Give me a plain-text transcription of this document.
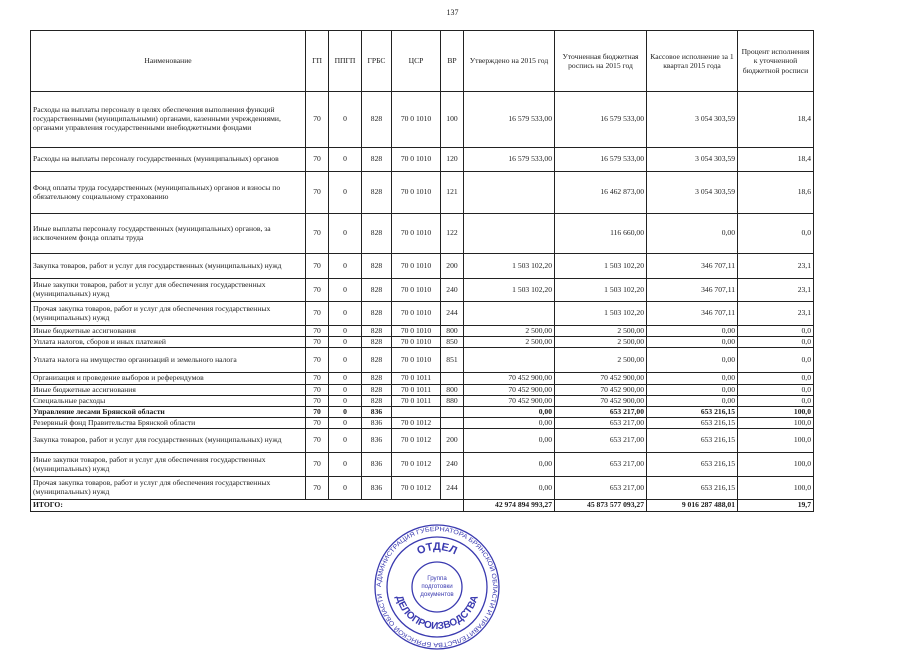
137
Наименование	ГП	ППГП	ГРБС	ЦСР	ВР	Утверждено на 2015 год	Уточненная бюджетная роспись на 2015 год	Кассовое исполнение за 1 квартал 2015 года	Процент исполнения к уточненной бюджетной росписи
Расходы на выплаты персоналу в целях обеспечения выполнения функций государственными (муниципальными) органами, казенными учреждениями, органами управления государственными внебюджетными фондами	70	0	828	70 0 1010	100	16 579 533,00	16 579 533,00	3 054 303,59	18,4
Расходы на выплаты персоналу государственных (муниципальных) органов	70	0	828	70 0 1010	120	16 579 533,00	16 579 533,00	3 054 303,59	18,4
Фонд оплаты труда государственных (муниципальных) органов и взносы по обязательному социальному страхованию	70	0	828	70 0 1010	121		16 462 873,00	3 054 303,59	18,6
Иные выплаты персоналу государственных (муниципальных) органов, за исключением фонда оплаты труда	70	0	828	70 0 1010	122		116 660,00	0,00	0,0
Закупка товаров, работ и услуг для государственных (муниципальных) нужд	70	0	828	70 0 1010	200	1 503 102,20	1 503 102,20	346 707,11	23,1
Иные закупки товаров, работ и услуг для обеспечения государственных (муниципальных) нужд	70	0	828	70 0 1010	240	1 503 102,20	1 503 102,20	346 707,11	23,1
Прочая закупка товаров, работ и услуг для обеспечения государственных (муниципальных) нужд	70	0	828	70 0 1010	244		1 503 102,20	346 707,11	23,1
Иные бюджетные ассигнования	70	0	828	70 0 1010	800	2 500,00	2 500,00	0,00	0,0
Уплата налогов, сборов и иных платежей	70	0	828	70 0 1010	850	2 500,00	2 500,00	0,00	0,0
Уплата налога на имущество организаций и земельного налога	70	0	828	70 0 1010	851		2 500,00	0,00	0,0
Организация и проведение выборов и референдумов	70	0	828	70 0 1011		70 452 900,00	70 452 900,00	0,00	0,0
Иные бюджетные ассигнования	70	0	828	70 0 1011	800	70 452 900,00	70 452 900,00	0,00	0,0
Специальные расходы	70	0	828	70 0 1011	880	70 452 900,00	70 452 900,00	0,00	0,0
Управление лесами Брянской области	70	0	836			0,00	653 217,00	653 216,15	100,0
Резервный фонд Правительства Брянской области	70	0	836	70 0 1012		0,00	653 217,00	653 216,15	100,0
Закупка товаров, работ и услуг для государственных (муниципальных) нужд	70	0	836	70 0 1012	200	0,00	653 217,00	653 216,15	100,0
Иные закупки товаров, работ и услуг для обеспечения государственных (муниципальных) нужд	70	0	836	70 0 1012	240	0,00	653 217,00	653 216,15	100,0
Прочая закупка товаров, работ и услуг для обеспечения государственных (муниципальных) нужд	70	0	836	70 0 1012	244	0,00	653 217,00	653 216,15	100,0
ИТОГО:						42 974 894 993,27	45 873 577 093,27	9 016 287 488,01	19,7
АДМИНИСТРАЦИЯ ГУБЕРНАТОРА БРЯНСКОЙ ОБЛАСТИ И ПРАВИТЕЛЬСТВА БРЯНСКОЙ ОБЛАСТИ
ОТДЕЛ
ДЕЛОПРОИЗВОДСТВА
Группа
подготовки
документов
